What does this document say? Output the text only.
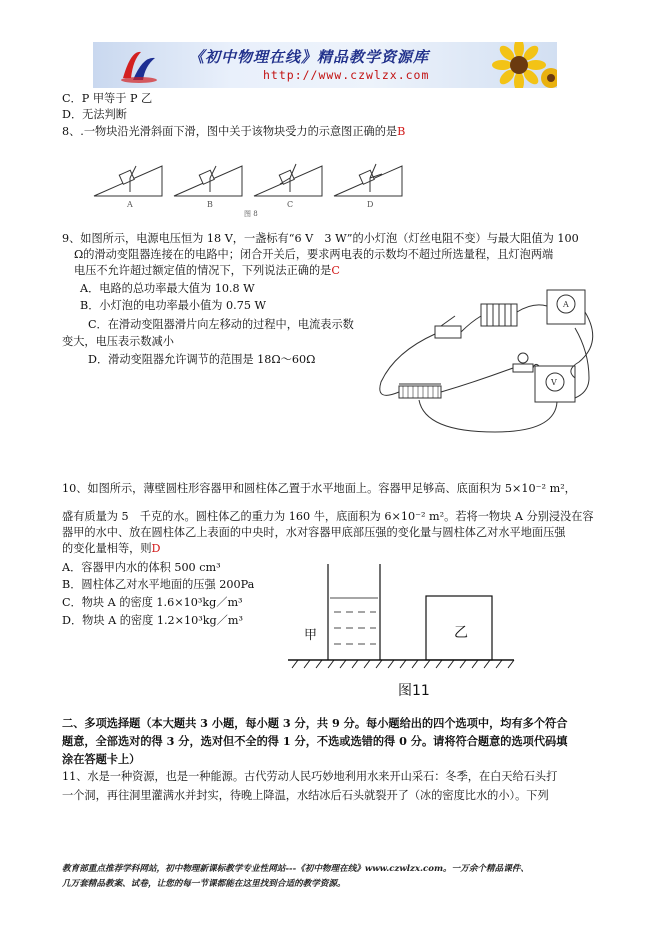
《初中物理在线》精品教学资源库
http://www.czwlzx.com
C．P 甲等于 P 乙
D．无法判断
8、.一物块沿光滑斜面下滑，图中关于该物块受力的示意图正确的是B
A	B	C	D
图 8
9、如图所示，电源电压恒为 18 V，一盏标有“6 V　3 W”的小灯泡（灯丝电阻不变）与最大阻值为 100
Ω的滑动变阻器连接在的电路中；闭合开关后，要求两电表的示数均不超过所选量程，且灯泡两端
电压不允许超过额定值的情况下，下列说法正确的是C
A．电路的总功率最大值为 10.8 W
B．小灯泡的电功率最小值为 0.75 W
C．在滑动变阻器滑片向左移动的过程中，电流表示数
变大，电压表示数减小
D．滑动变阻器允许调节的范围是 18Ω～60Ω
A
V
10、如图所示，薄壁圆柱形容器甲和圆柱体乙置于水平地面上。容器甲足够高、底面积为 5×10⁻² m²，
盛有质量为 5　千克的水。圆柱体乙的重力为 160 牛，底面积为 6×10⁻² m²。若将一物块 A 分别浸没在容
器甲的水中、放在圆柱体乙上表面的中央时，水对容器甲底部压强的变化量与圆柱体乙对水平地面压强
的变化量相等，则D
A．容器甲内水的体积 500 cm³
B．圆柱体乙对水平地面的压强 200Pa
C．物块 A 的密度 1.6×10³kg／m³
D．物块 A 的密度 1.2×10³kg／m³
甲	乙
图11
二、多项选择题（本大题共 3 小题，每小题 3 分，共 9 分。每小题给出的四个选项中，均有多个符合
题意，全部选对的得 3 分，选对但不全的得 1 分，不选或选错的得 0 分。请将符合题意的选项代码填
涂在答题卡上）
11、水是一种资源，也是一种能源。古代劳动人民巧妙地利用水来开山采石：冬季，在白天给石头打
一个洞，再往洞里灌满水并封实，待晚上降温，水结冰后石头就裂开了（冰的密度比水的小）。下列
教育部重点推荐学科网站，初中物理新课标教学专业性网站---《初中物理在线》www.czwlzx.com。一万余个精品课件、
几万套精品教案、试卷，让您的每一节课都能在这里找到合适的教学资源。
